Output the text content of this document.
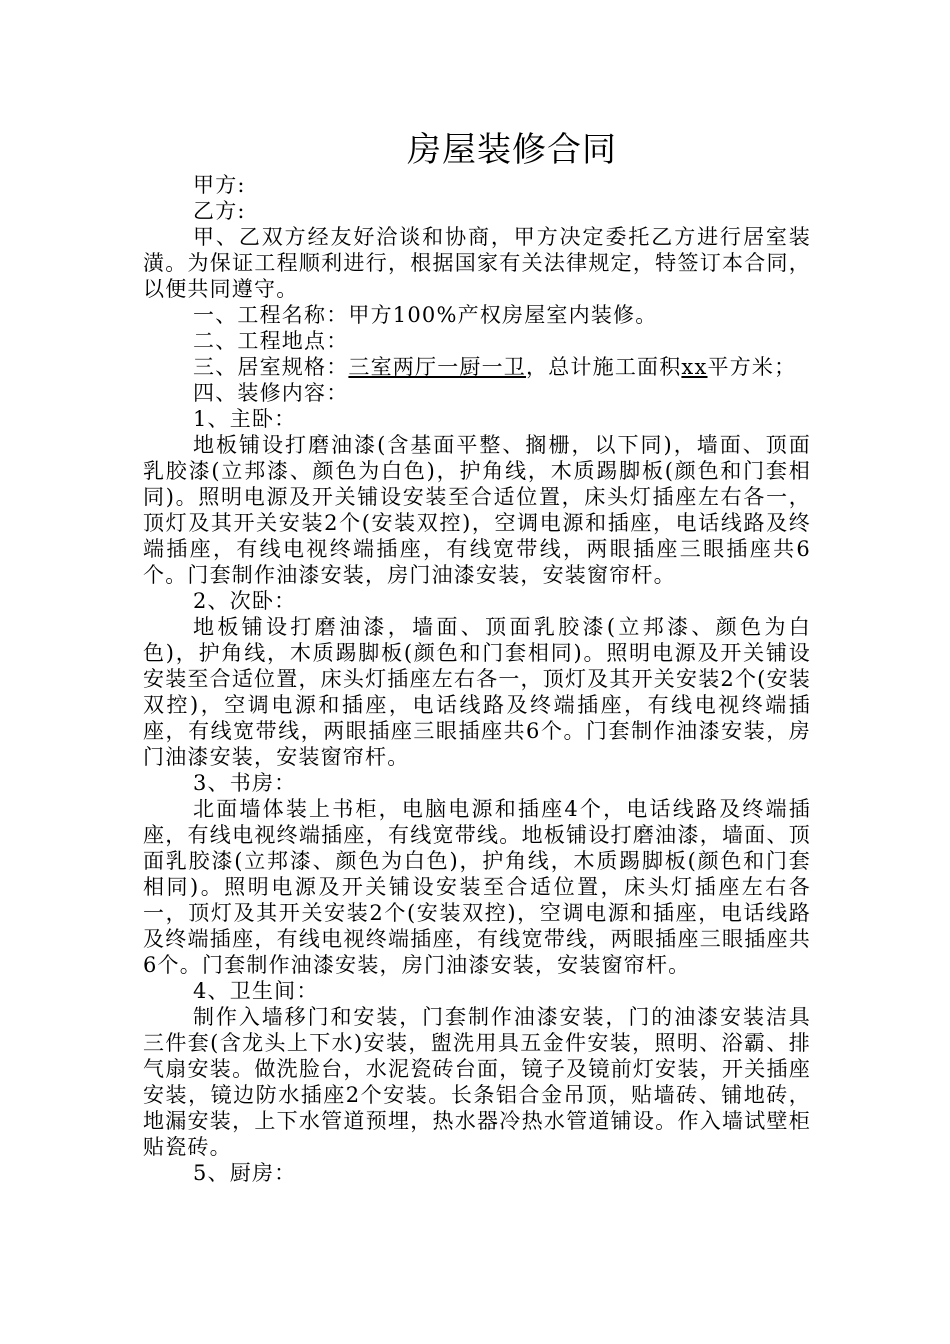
房屋装修合同

甲方:

乙方:

甲、乙双方经友好洽谈和协商，甲方决定委托乙方进行居室装潢。为保证工程顺利进行，根据国家有关法律规定，特签订本合同，以便共同遵守。

一、工程名称：甲方100%产权房屋室内装修。

二、工程地点：

三、居室规格：三室两厅一厨一卫，总计施工面积xx平方米；

四、装修内容：

1、主卧：

地板铺设打磨油漆(含基面平整、搁栅，以下同)，墙面、顶面乳胶漆(立邦漆、颜色为白色)，护角线，木质踢脚板(颜色和门套相同)。照明电源及开关铺设安装至合适位置，床头灯插座左右各一，顶灯及其开关安装2个(安装双控)，空调电源和插座，电话线路及终端插座，有线电视终端插座，有线宽带线，两眼插座三眼插座共6个。门套制作油漆安装，房门油漆安装，安装窗帘杆。

2、次卧：

地板铺设打磨油漆，墙面、顶面乳胶漆(立邦漆、颜色为白色)，护角线，木质踢脚板(颜色和门套相同)。照明电源及开关铺设安装至合适位置，床头灯插座左右各一，顶灯及其开关安装2个(安装双控)，空调电源和插座，电话线路及终端插座，有线电视终端插座，有线宽带线，两眼插座三眼插座共6个。门套制作油漆安装，房门油漆安装，安装窗帘杆。

3、书房：

北面墙体装上书柜，电脑电源和插座4个，电话线路及终端插座，有线电视终端插座，有线宽带线。地板铺设打磨油漆，墙面、顶面乳胶漆(立邦漆、颜色为白色)，护角线，木质踢脚板(颜色和门套相同)。照明电源及开关铺设安装至合适位置，床头灯插座左右各一，顶灯及其开关安装2个(安装双控)，空调电源和插座，电话线路及终端插座，有线电视终端插座，有线宽带线，两眼插座三眼插座共6个。门套制作油漆安装，房门油漆安装，安装窗帘杆。

4、卫生间：

制作入墙移门和安装，门套制作油漆安装，门的油漆安装洁具三件套(含龙头上下水)安装，盥洗用具五金件安装，照明、浴霸、排气扇安装。做洗脸台，水泥瓷砖台面，镜子及镜前灯安装，开关插座安装，镜边防水插座2个安装。长条铝合金吊顶，贴墙砖、铺地砖，地漏安装，上下水管道预埋，热水器冷热水管道铺设。作入墙试壁柜贴瓷砖。

5、厨房：
